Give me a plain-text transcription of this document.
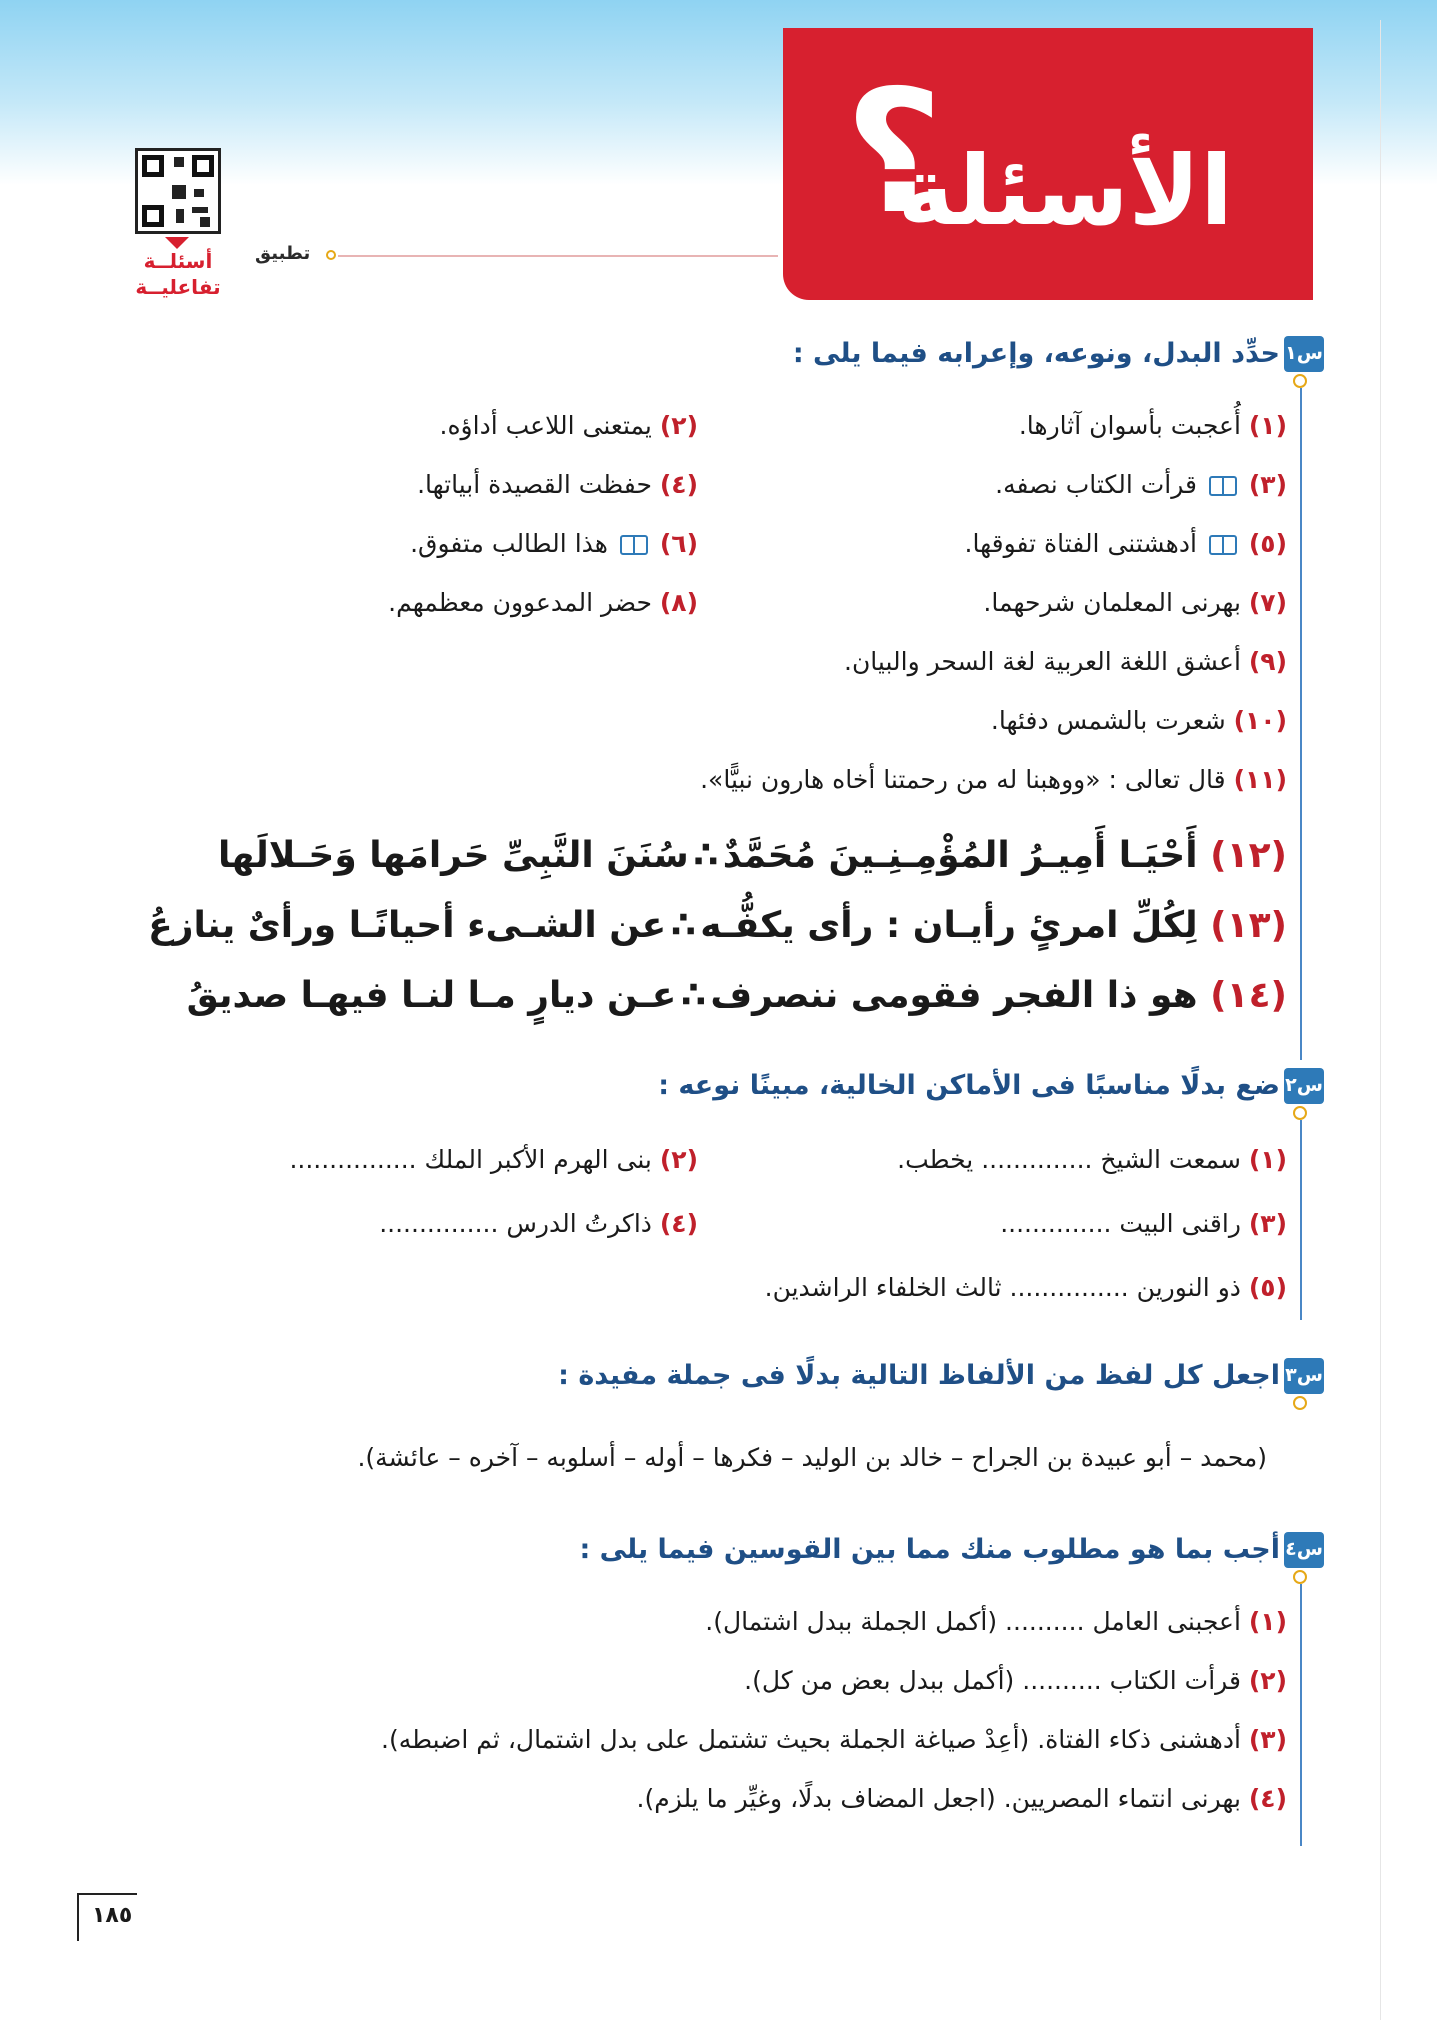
?
الأسئلة
أسئلــة
تفاعليــة
تطبيق
س١
حدِّد البدل، ونوعه، وإعرابه فيما يلى :
(١) أُعجبت بأسوان آثارها.
(٢) يمتعنى اللاعب أداؤه.
(٣)  قرأت الكتاب نصفه.
(٤) حفظت القصيدة أبياتها.
(٥)  أدهشتنى الفتاة تفوقها.
(٦)  هذا الطالب متفوق.
(٧) بهرنى المعلمان شرحهما.
(٨) حضر المدعوون معظمهم.
(٩) أعشق اللغة العربية لغة السحر والبيان.
(١٠) شعرت بالشمس دفئها.
(١١) قال تعالى : «ووهبنا له من رحمتنا أخاه هارون نبيًّا».
(١٢) أَحْيَـا أَمِيـرُ المُؤْمِـنِـينَ مُحَمَّدٌ∴سُنَنَ النَّبِىِّ حَرامَها وَحَـلالَها
(١٣) لِكُلِّ امرئٍ رأيـان : رأى يكفُّـه∴عن الشـىء أحيانًـا ورأىٌ ينازعُ
(١٤) هو ذا الفجر فقومى ننصرف∴عـن ديارٍ مـا لنـا فيهـا صديقُ
س٢
ضع بدلًا مناسبًا فى الأماكن الخالية، مبينًا نوعه :
(١) سمعت الشيخ .............. يخطب.
(٢) بنى الهرم الأكبر الملك ................
(٣) راقنى البيت ..............
(٤) ذاكرتُ الدرس ...............
(٥) ذو النورين ............... ثالث الخلفاء الراشدين.
س٣
اجعل كل لفظ من الألفاظ التالية بدلًا فى جملة مفيدة :
(محمد – أبو عبيدة بن الجراح – خالد بن الوليد – فكرها – أوله – أسلوبه – آخره – عائشة).
س٤
أجب بما هو مطلوب منك مما بين القوسين فيما يلى :
(١) أعجبنى العامل .......... (أكمل الجملة ببدل اشتمال).
(٢) قرأت الكتاب .......... (أكمل ببدل بعض من كل).
(٣) أدهشنى ذكاء الفتاة. (أعِدْ صياغة الجملة بحيث تشتمل على بدل اشتمال، ثم اضبطه).
(٤) بهرنى انتماء المصريين. (اجعل المضاف بدلًا، وغيِّر ما يلزم).
١٨٥
